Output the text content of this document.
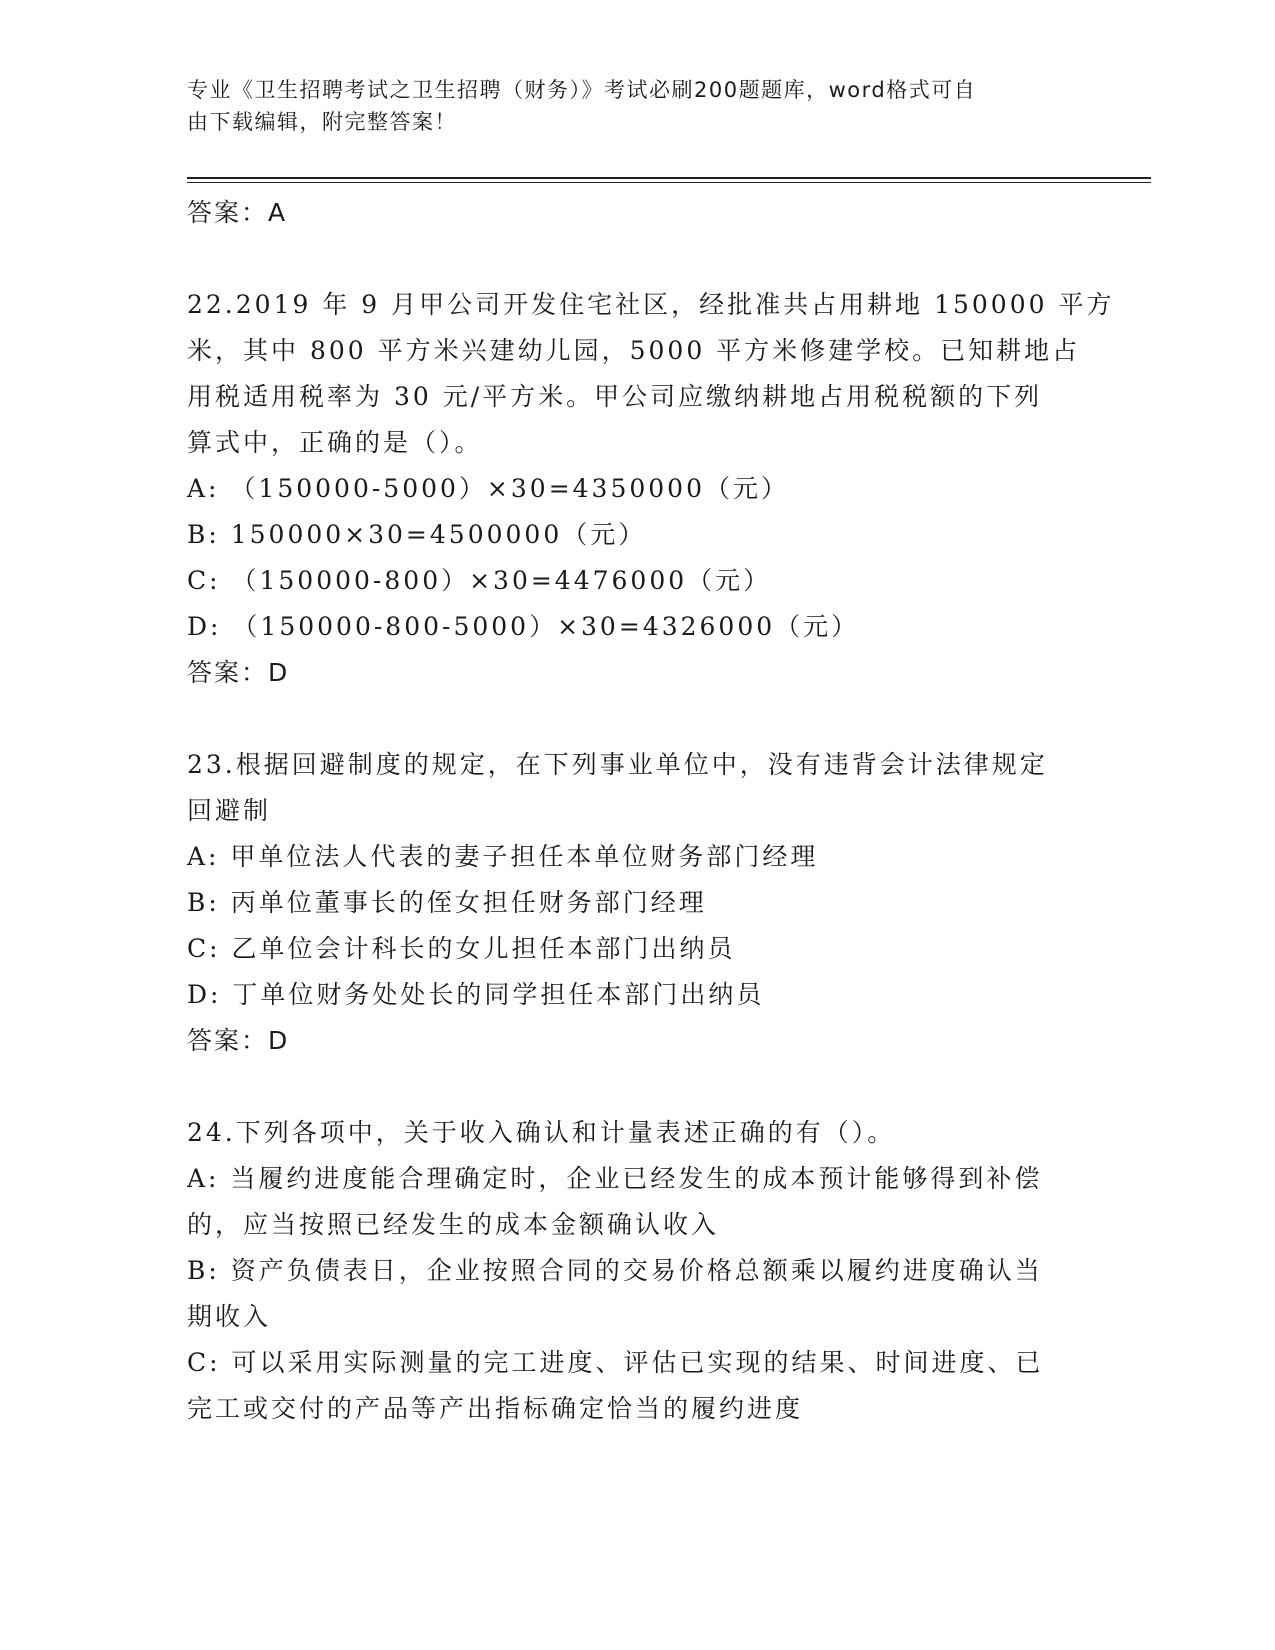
专业《卫生招聘考试之卫生招聘（财务）》考试必刷200题题库，word格式可自
由下载编辑，附完整答案！
答案：A
22.2019 年 9 月甲公司开发住宅社区，经批准共占用耕地 150000 平方
米，其中 800 平方米兴建幼儿园，5000 平方米修建学校。已知耕地占
用税适用税率为 30 元/平方米。甲公司应缴纳耕地占用税税额的下列
算式中，正确的是（）。
A: （150000-5000）×30=4350000（元）
B: 150000×30=4500000（元）
C: （150000-800）×30=4476000（元）
D: （150000-800-5000）×30=4326000（元）
答案：D
23.根据回避制度的规定，在下列事业单位中，没有违背会计法律规定
回避制
A: 甲单位法人代表的妻子担任本单位财务部门经理
B: 丙单位董事长的侄女担任财务部门经理
C: 乙单位会计科长的女儿担任本部门出纳员
D: 丁单位财务处处长的同学担任本部门出纳员
答案：D
24.下列各项中，关于收入确认和计量表述正确的有（）。
A: 当履约进度能合理确定时，企业已经发生的成本预计能够得到补偿
的，应当按照已经发生的成本金额确认收入
B: 资产负债表日，企业按照合同的交易价格总额乘以履约进度确认当
期收入
C: 可以采用实际测量的完工进度、评估已实现的结果、时间进度、已
完工或交付的产品等产出指标确定恰当的履约进度
